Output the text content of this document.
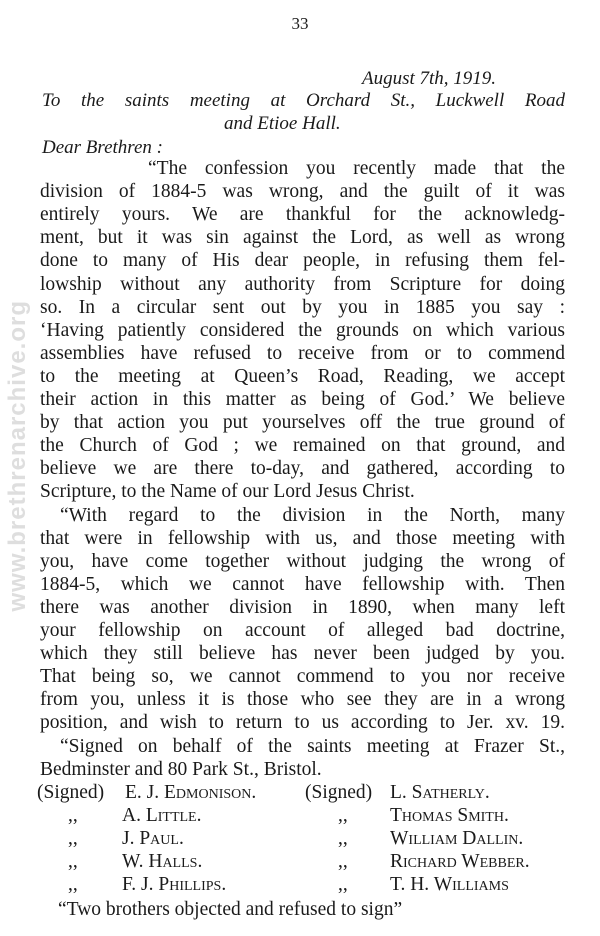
www.brethrenarchive.org
33
August 7th, 1919.
To the saints meeting at Orchard St., Luckwell Road
and Etioe Hall.
Dear Brethren :
“The confession you recently made that the
division of 1884-5 was wrong, and the guilt of it was
entirely yours. We are thankful for the acknowledg-
ment, but it was sin against the Lord, as well as wrong
done to many of His dear people, in refusing them fel-
lowship without any authority from Scripture for doing
so. In a circular sent out by you in 1885 you say :
‘Having patiently considered the grounds on which various
assemblies have refused to receive from or to commend
to the meeting at Queen’s Road, Reading, we accept
their action in this matter as being of God.’ We believe
by that action you put yourselves off the true ground of
the Church of God ; we remained on that ground, and
believe we are there to-day, and gathered, according to
Scripture, to the Name of our Lord Jesus Christ.
“With regard to the division in the North, many
that were in fellowship with us, and those meeting with
you, have come together without judging the wrong of
1884-5, which we cannot have fellowship with. Then
there was another division in 1890, when many left
your fellowship on account of alleged bad doctrine,
which they still believe has never been judged by you.
That being so, we cannot commend to you nor receive
from you, unless it is those who see they are in a wrong
position, and wish to return to us according to Jer. xv. 19.
“Signed on behalf of the saints meeting at Frazer St.,
Bedminster and 80 Park St., Bristol.
(Signed) E. J. Edmonison.	(Signed) L. Satherly.
,, A. Little.	,, Thomas Smith.
,, J. Paul.	,, William Dallin.
,, W. Halls.	,, Richard Webber.
,, F. J. Phillips.	,, T. H. Williams
“Two brothers objected and refused to sign”
